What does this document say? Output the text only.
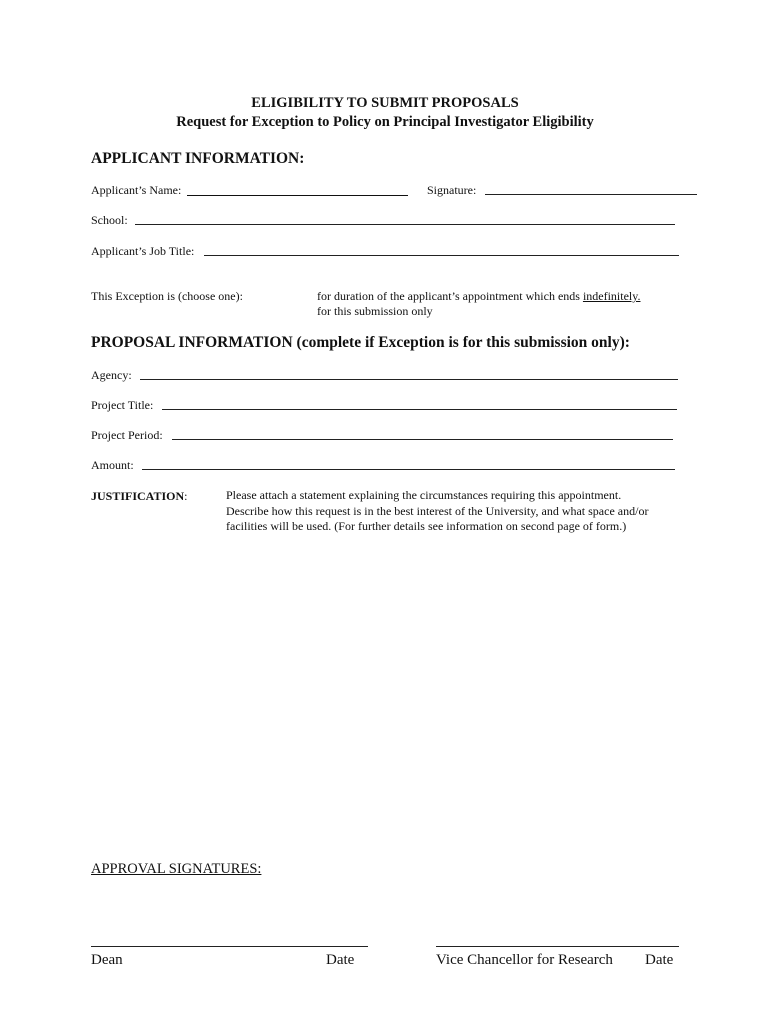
ELIGIBILITY TO SUBMIT PROPOSALS
Request for Exception to Policy on Principal Investigator Eligibility
APPLICANT INFORMATION:
Applicant’s Name:	Signature:
School:
Applicant’s Job Title:
This Exception is (choose one):	for duration of the applicant’s appointment which ends indefinitely.
for this submission only
PROPOSAL INFORMATION (complete if Exception is for this submission only):
Agency:
Project Title:
Project Period:
Amount:
JUSTIFICATION:	Please attach a statement explaining the circumstances requiring this appointment.
Describe how this request is in the best interest of the University, and what space and/or
facilities will be used. (For further details see information on second page of form.)
APPROVAL SIGNATURES:
Dean	Date	Vice Chancellor for Research Date
